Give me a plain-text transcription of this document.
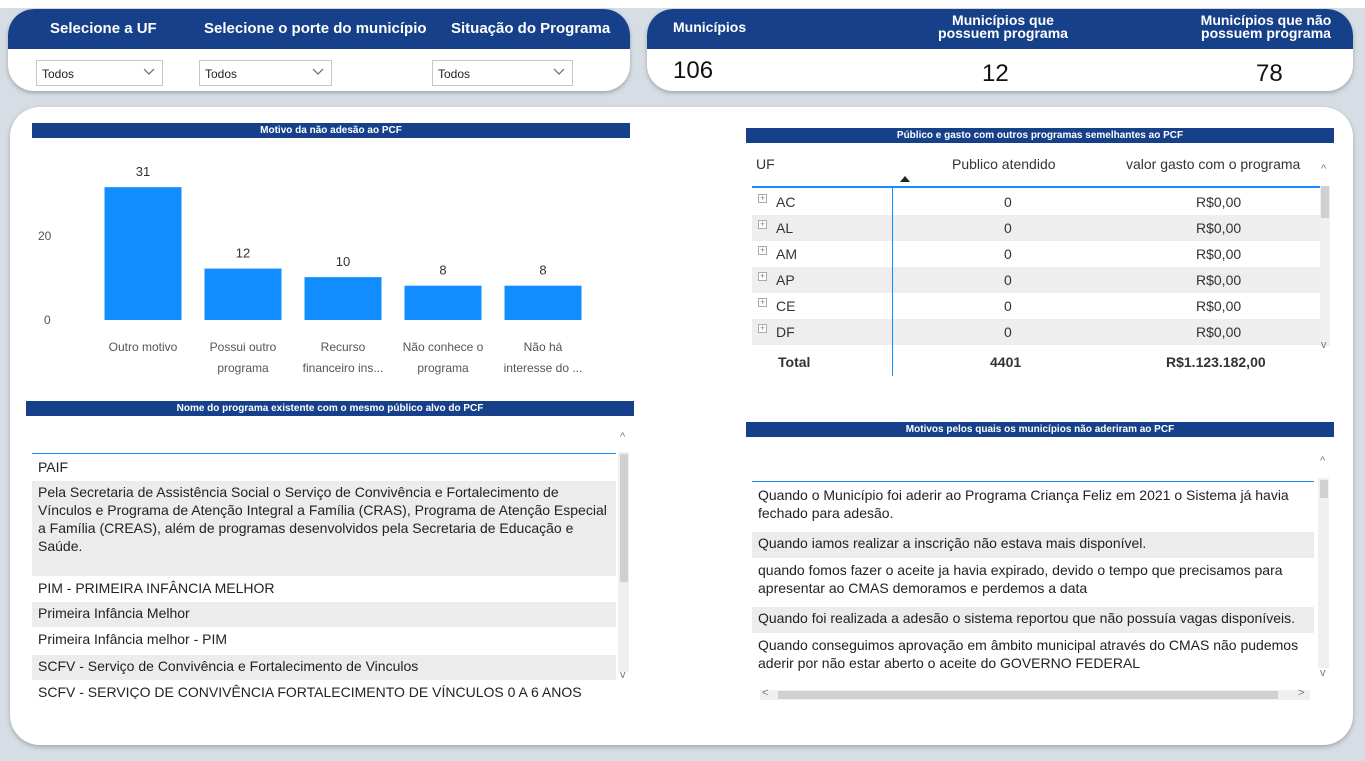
Selecione a UF	Selecione o porte do município Situação do Programa
Todos	Todos	Todos
Municípios	Municípios que
possuem programa
Municípios que não
possuem programa
106	12	78
Motivo da não adesão ao PCF
20
0
31
12
10
8	8
Outro motivo	Possui outro
programa
Recurso
financeiro ins...
Não conhece o
programa
Não há
interesse do ...
Público e gasto com outros programas semelhantes ao PCF
UF	Publico atendido	valor gasto com o programa
+ AC	0	R$0,00
+ AL	0	R$0,00
+ AM	0	R$0,00
+ AP	0	R$0,00
+ CE	0	R$0,00
+ DF	0	R$0,00
Total	4401	R$1.123.182,00
^
v
Nome do programa existente com o mesmo público alvo do PCF
PAIF
Pela Secretaria de Assistência Social o Serviço de Convivência e Fortalecimento de Vínculos e Programa de Atenção Integral a Família (CRAS), Programa de Atenção Especial a Família (CREAS), além de programas desenvolvidos pela Secretaria de Educação e Saúde.
PIM - PRIMEIRA INFÂNCIA MELHOR
Primeira Infância Melhor
Primeira Infância melhor - PIM
SCFV - Serviço de Convivência e Fortalecimento de Vinculos
SCFV - SERVIÇO DE CONVIVÊNCIA FORTALECIMENTO DE VÍNCULOS 0 A 6 ANOS
^
v
Motivos pelos quais os municípios não aderiram ao PCF
Quando o Município foi aderir ao Programa Criança Feliz em 2021 o Sistema já havia fechado para adesão.
Quando iamos realizar a inscrição não estava mais disponível.
quando fomos fazer o aceite ja havia expirado, devido o tempo que precisamos para apresentar ao CMAS demoramos e perdemos a data
Quando foi realizada a adesão o sistema reportou que não possuía vagas disponíveis.
Quando conseguimos aprovação em âmbito municipal através do CMAS não pudemos aderir por não estar aberto o aceite do GOVERNO FEDERAL
^
v
<	>
